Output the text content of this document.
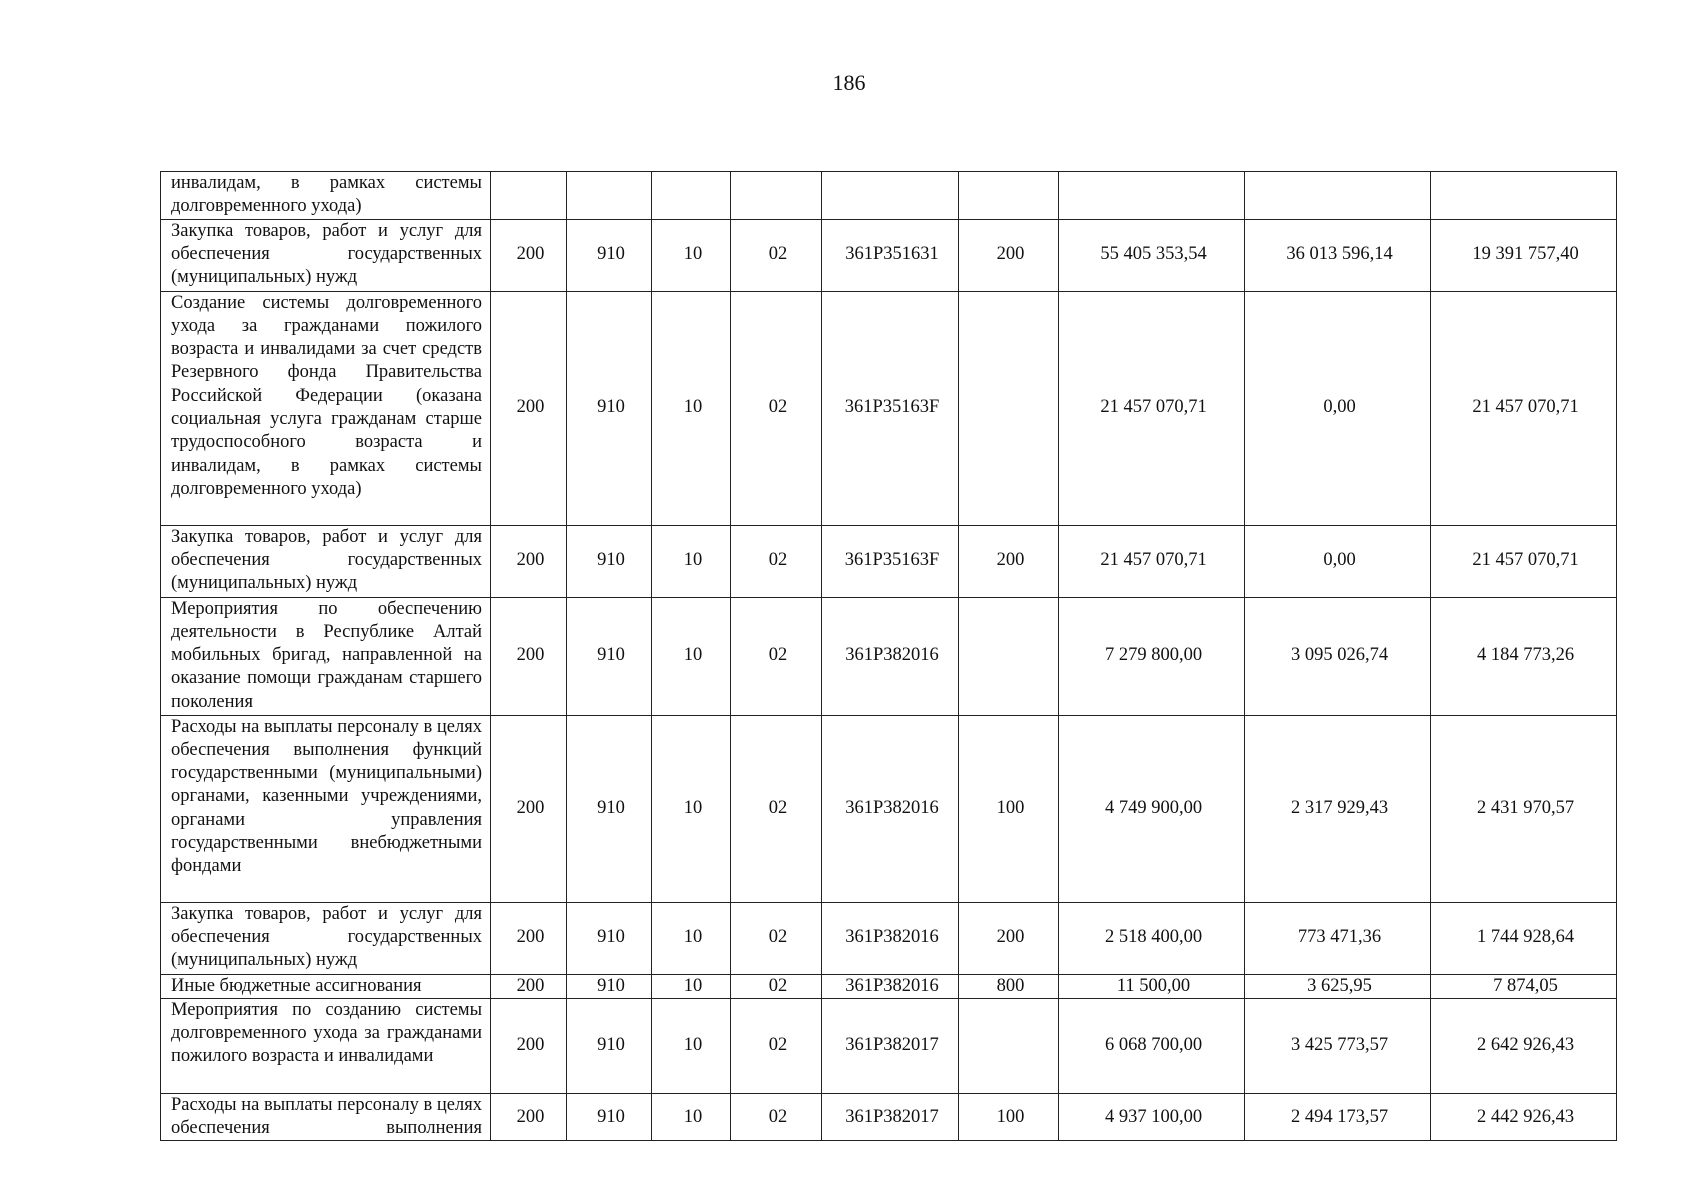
186
инвалидам, в рамках системы долговременного ухода)									
Закупка товаров, работ и услуг для обеспечения государственных (муниципальных) нужд	200	910	10	02	361P351631	200	55 405 353,54	36 013 596,14	19 391 757,40
Создание системы долговременного ухода за гражданами пожилого возраста и инвалидами за счет средств Резервного фонда Правительства Российской Федерации (оказана социальная услуга гражданам старше трудоспособного возраста и инвалидам, в рамках системы долговременного ухода)	200	910	10	02	361P35163F		21 457 070,71	0,00	21 457 070,71
Закупка товаров, работ и услуг для обеспечения государственных (муниципальных) нужд	200	910	10	02	361P35163F	200	21 457 070,71	0,00	21 457 070,71
Мероприятия по обеспечению деятельности в Республике Алтай мобильных бригад, направленной на оказание помощи гражданам старшего поколения	200	910	10	02	361P382016		7 279 800,00	3 095 026,74	4 184 773,26
Расходы на выплаты персоналу в целях обеспечения выполнения функций государственными (муниципальными) органами, казенными учреждениями, органами управления государственными внебюджетными фондами	200	910	10	02	361P382016	100	4 749 900,00	2 317 929,43	2 431 970,57
Закупка товаров, работ и услуг для обеспечения государственных (муниципальных) нужд	200	910	10	02	361P382016	200	2 518 400,00	773 471,36	1 744 928,64
Иные бюджетные ассигнования	200	910	10	02	361P382016	800	11 500,00	3 625,95	7 874,05
Мероприятия по созданию системы долговременного ухода за гражданами пожилого возраста и инвалидами	200	910	10	02	361P382017		6 068 700,00	3 425 773,57	2 642 926,43
Расходы на выплаты персоналу в целях обеспечения выполнения	200	910	10	02	361P382017	100	4 937 100,00	2 494 173,57	2 442 926,43
